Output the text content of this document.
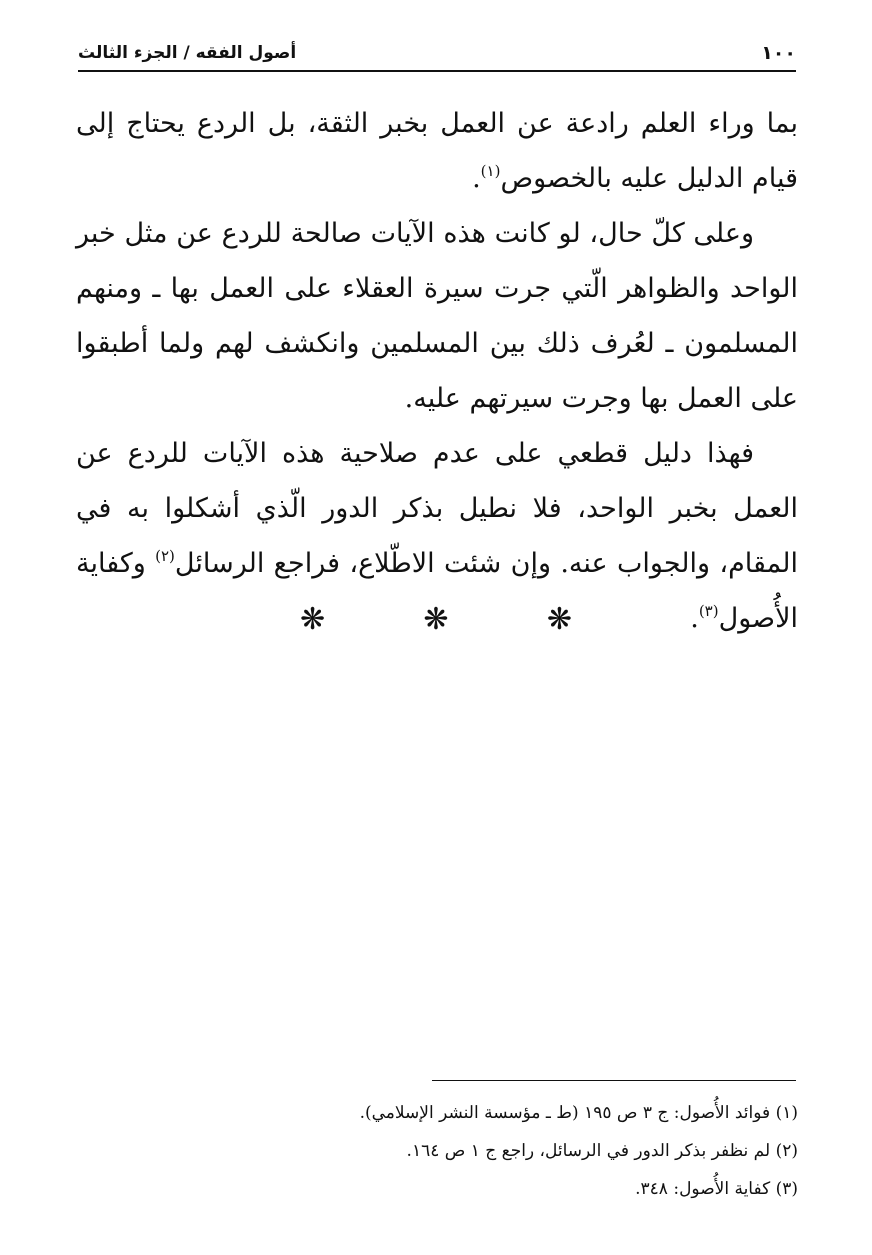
١٠٠
أصول الفقه / الجزء الثالث

بما وراء العلم رادعة عن العمل بخبر الثقة، بل الردع يحتاج إلى قيام الدليل عليه بالخصوص$^{(١)}$.

وعلى كلّ حال، لو كانت هذه الآيات صالحة للردع عن مثل خبر الواحد والظواهر الّتي جرت سيرة العقلاء على العمل بها ـ ومنهم المسلمون ـ لعُرف ذلك بين المسلمين وانكشف لهم ولما أطبقوا على العمل بها وجرت سيرتهم عليه.

فهذا دليل قطعي على عدم صلاحية هذه الآيات للردع عن العمل بخبر الواحد، فلا نطيل بذكر الدور الّذي أشكلوا به في المقام، والجواب عنه. وإن شئت الاطّلاع، فراجع الرسائل$^{(٢)}$ وكفاية الأُصول$^{(٣)}$.

❋	❋	❋

(١) فوائد الأُصول: ج ٣ ص ١٩٥ (ط ـ مؤسسة النشر الإسلامي).

(٢) لم نظفر بذكر الدور في الرسائل، راجع ج ١ ص ١٦٤.

(٣) كفاية الأُصول: ٣٤٨.
